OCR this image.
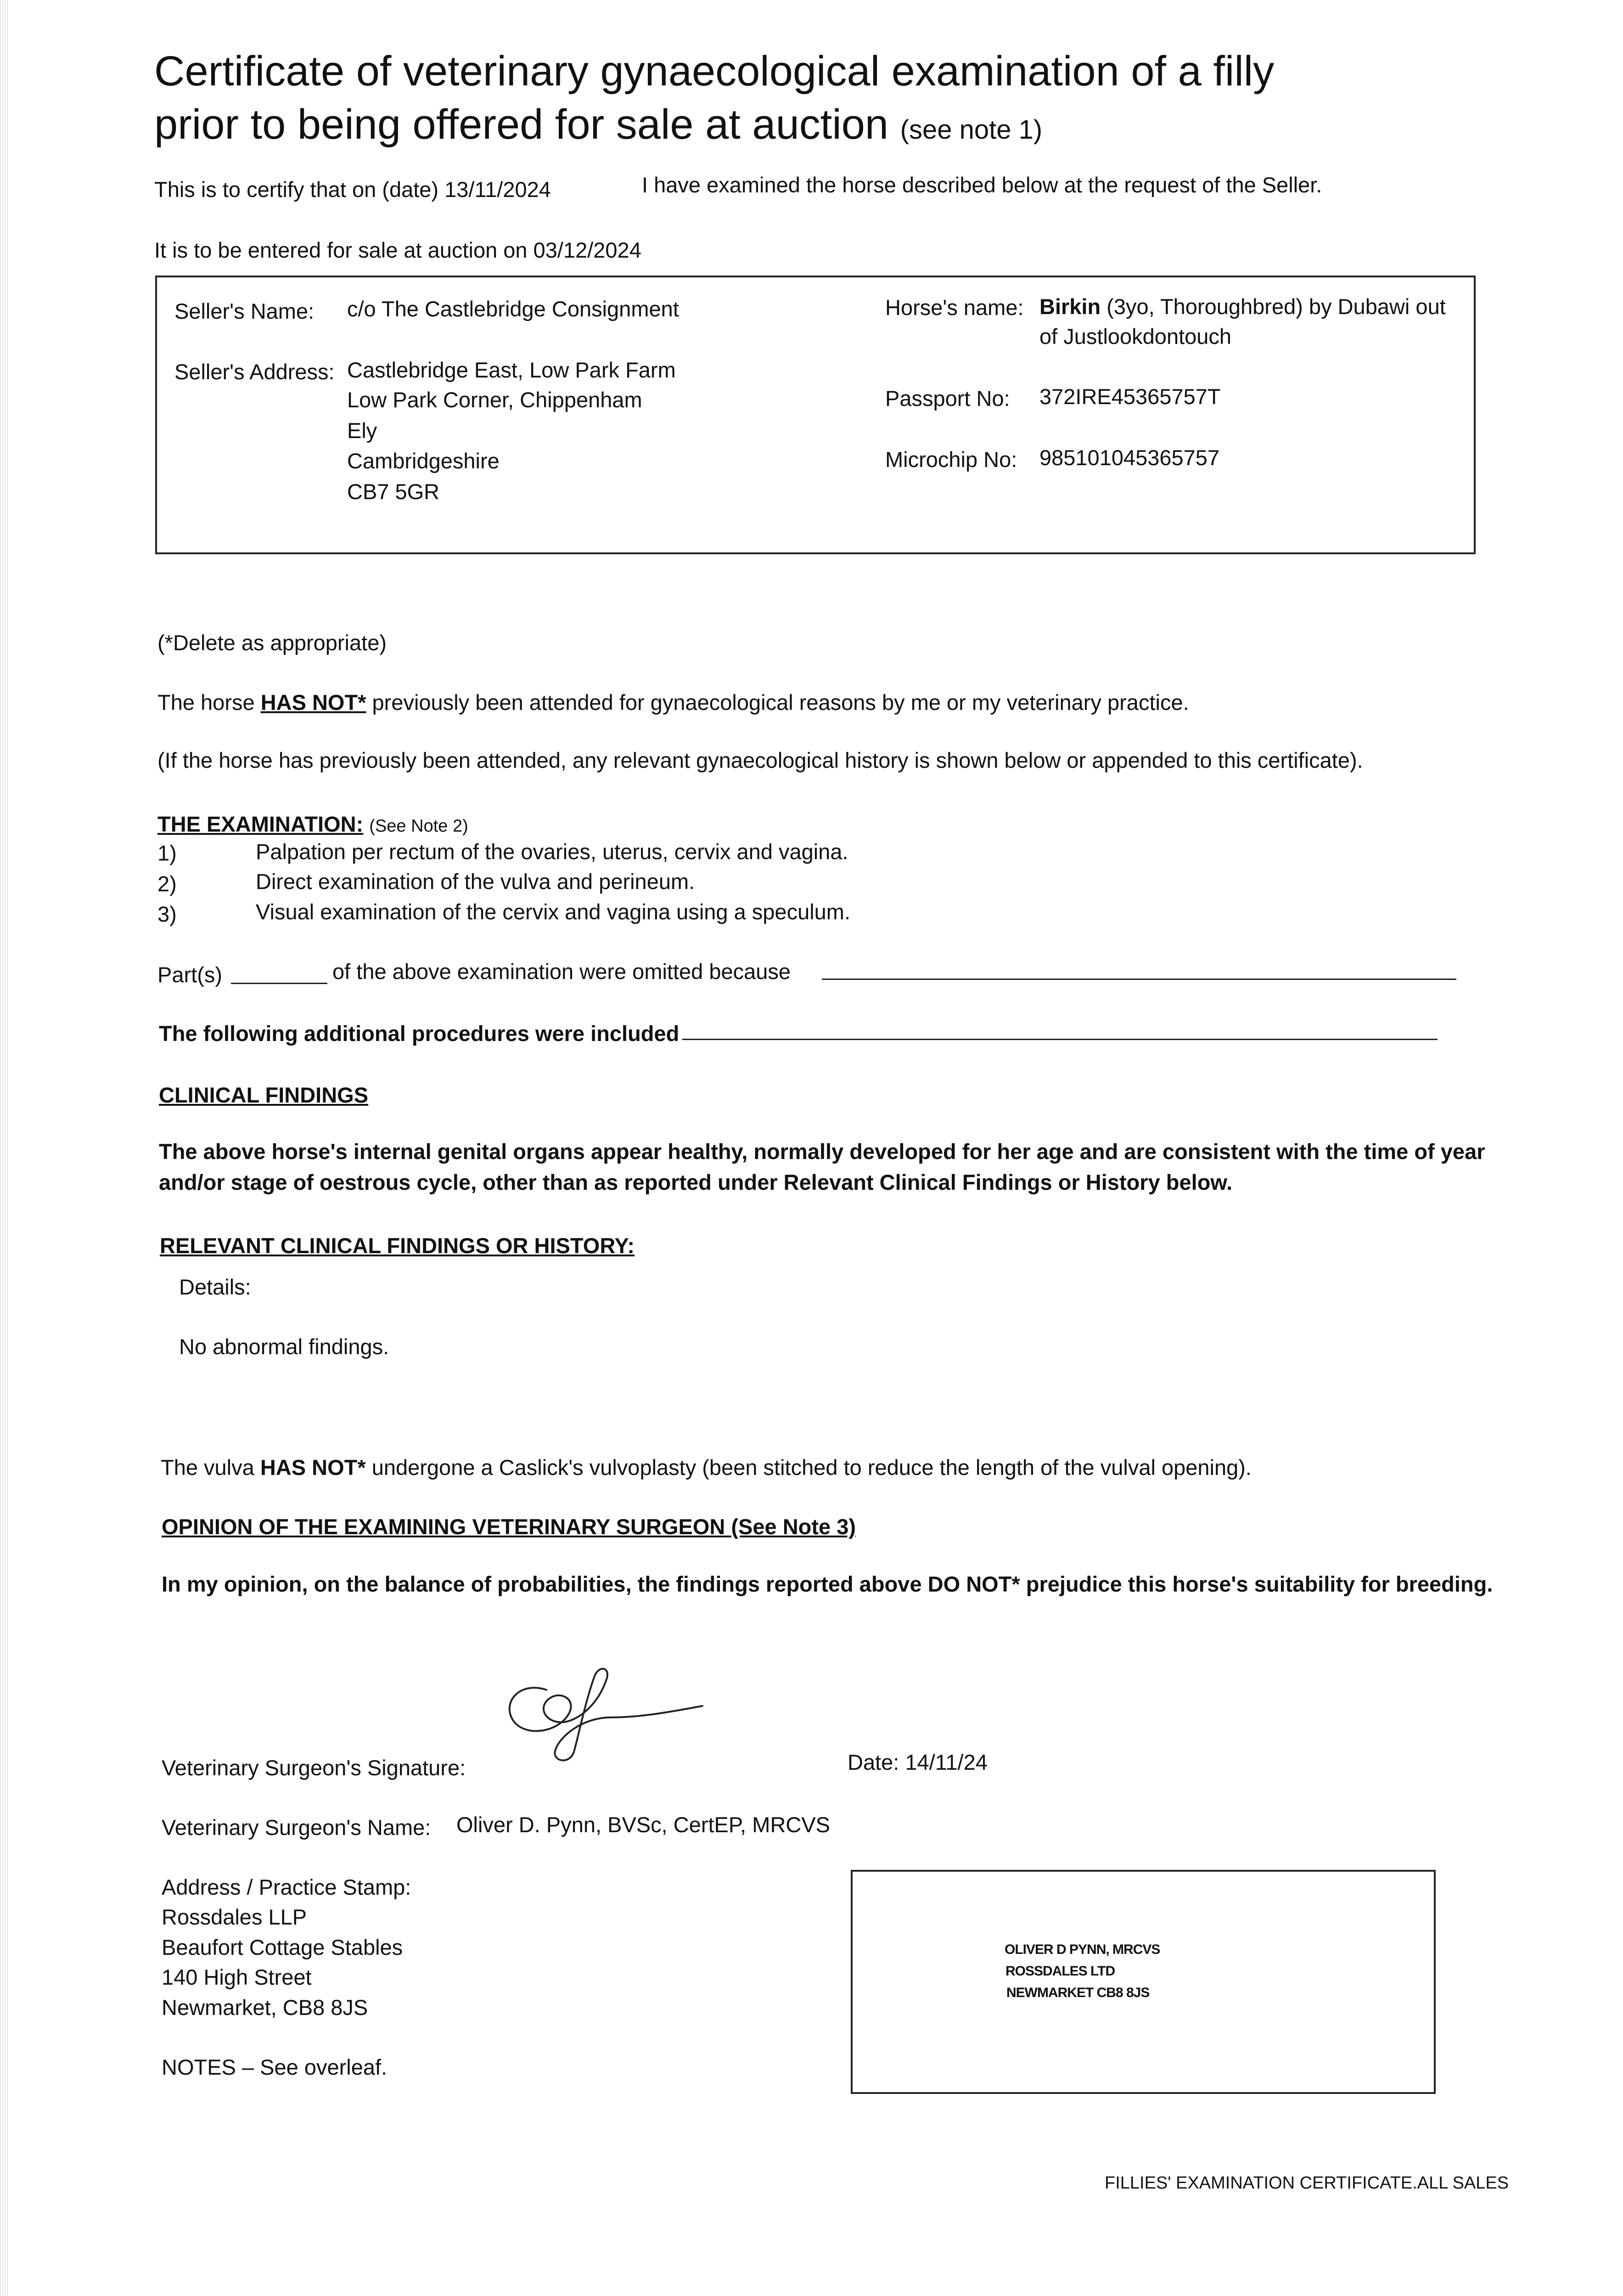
Certificate of veterinary gynaecological examination of a filly
prior to being offered for sale at auction (see note 1)
This is to certify that on (date) 13/11/2024	I have examined the horse described below at the request of the Seller.
It is to be entered for sale at auction on 03/12/2024
Seller's Name: c/o The Castlebridge Consignment
Seller's Address: Castlebridge East, Low Park Farm
Low Park Corner, Chippenham
Ely
Cambridgeshire
CB7 5GR
Horse's name: Birkin (3yo, Thoroughbred) by Dubawi out
of Justlookdontouch
Passport No: 372IRE45365757T
Microchip No: 985101045365757
(*Delete as appropriate)
The horse HAS NOT* previously been attended for gynaecological reasons by me or my veterinary practice.
(If the horse has previously been attended, any relevant gynaecological history is shown below or appended to this certificate).
THE EXAMINATION: (See Note 2)
1)	Palpation per rectum of the ovaries, uterus, cervix and vagina.
2)	Direct examination of the vulva and perineum.
3)	Visual examination of the cervix and vagina using a speculum.
Part(s)	of the above examination were omitted because
The following additional procedures were included
CLINICAL FINDINGS
The above horse's internal genital organs appear healthy, normally developed for her age and are consistent with the time of year
and/or stage of oestrous cycle, other than as reported under Relevant Clinical Findings or History below.
RELEVANT CLINICAL FINDINGS OR HISTORY:
Details:
No abnormal findings.
The vulva HAS NOT* undergone a Caslick's vulvoplasty (been stitched to reduce the length of the vulval opening).
OPINION OF THE EXAMINING VETERINARY SURGEON (See Note 3)
In my opinion, on the balance of probabilities, the findings reported above DO NOT* prejudice this horse's suitability for breeding.
Veterinary Surgeon's Signature:	Date: 14/11/24
Veterinary Surgeon's Name: Oliver D. Pynn, BVSc, CertEP, MRCVS
Address / Practice Stamp:
Rossdales LLP
Beaufort Cottage Stables
140 High Street
Newmarket, CB8 8JS
NOTES – See overleaf.
OLIVER D PYNN, MRCVS
ROSSDALES LTD
NEWMARKET CB8 8JS
FILLIES' EXAMINATION CERTIFICATE.ALL SALES
